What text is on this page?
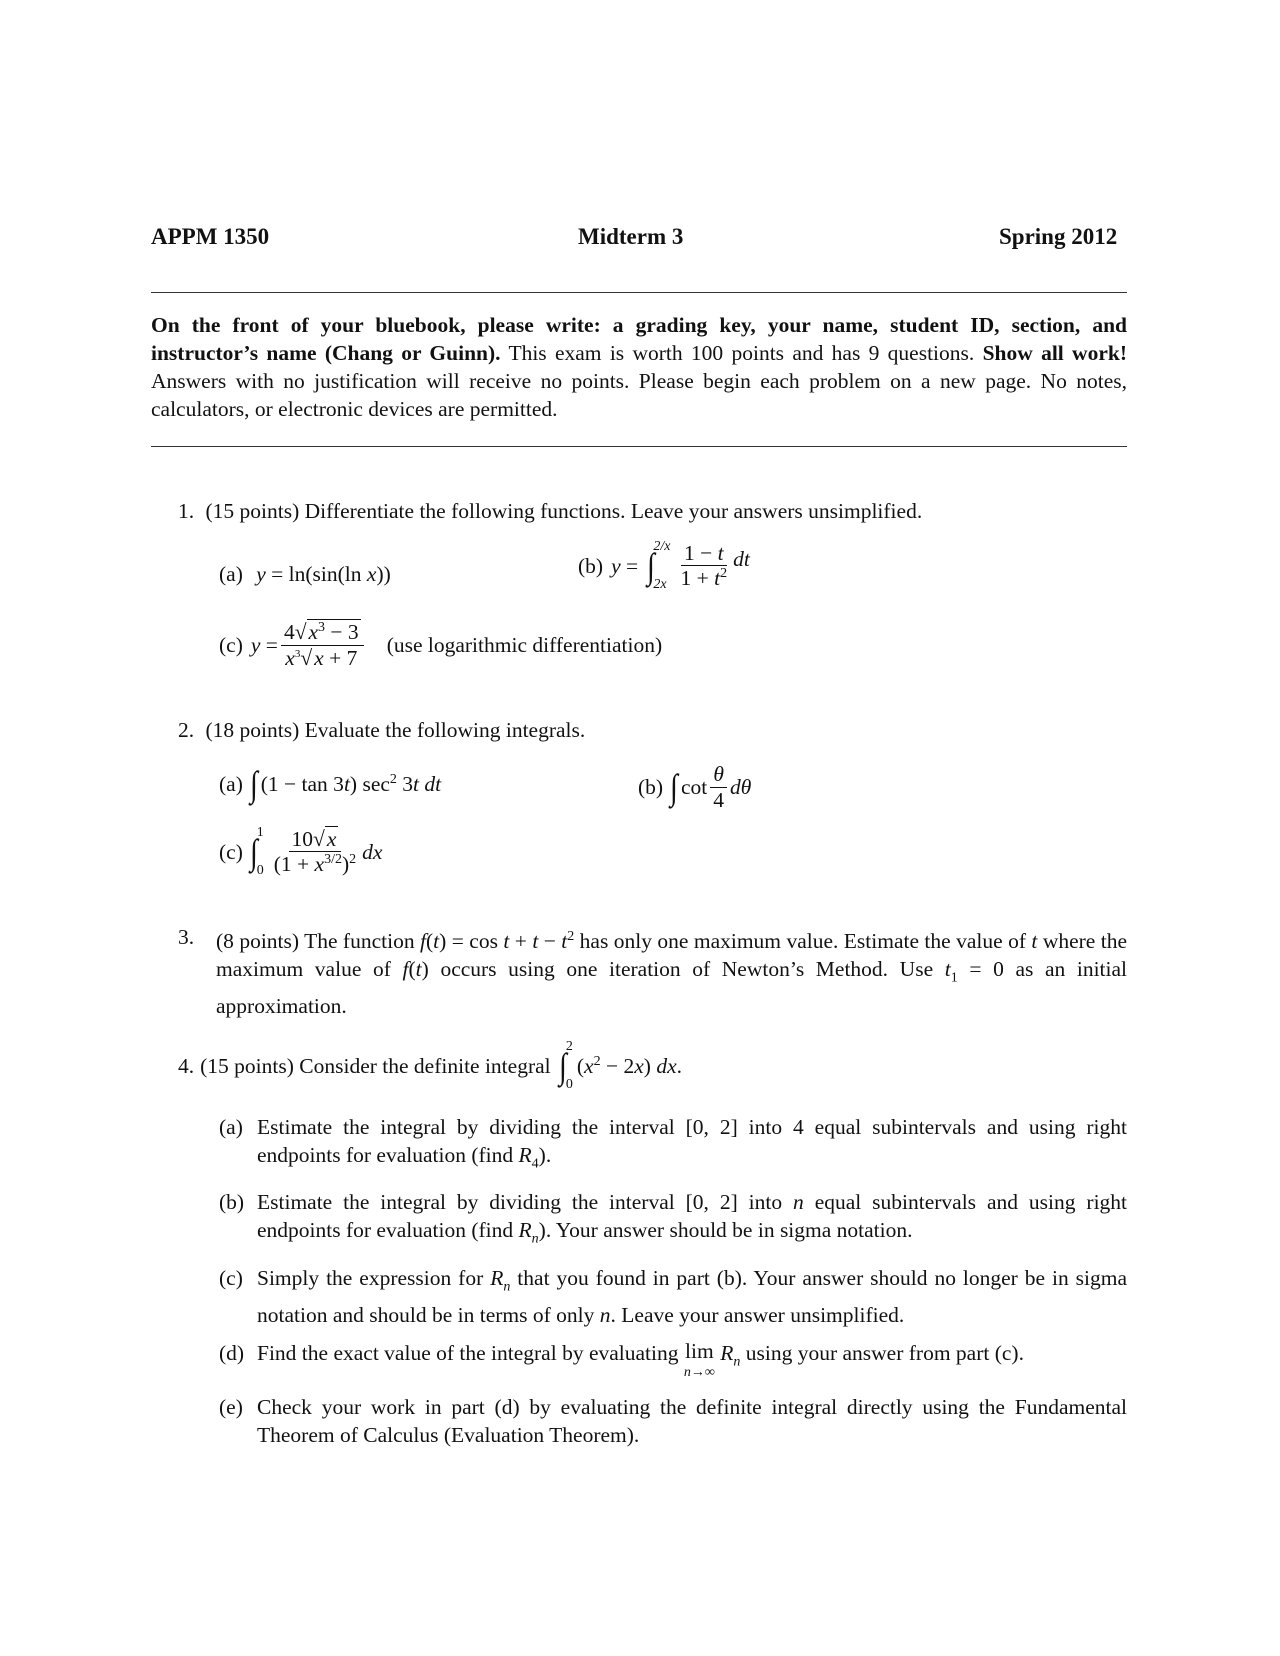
APPM 1350	Midterm 3	Spring 2012
On the front of your bluebook, please write: a grading key, your name, student ID, section, and instructor’s name (Chang or Guinn). This exam is worth 100 points and has 9 questions. Show all work! Answers with no justification will receive no points. Please begin each problem on a new page. No notes, calculators, or electronic devices are permitted.
1. (15 points) Differentiate the following functions. Leave your answers unsimplified.
(a) y = ln(sin(ln x))	(b) y = ∫
2/x
$2x \frac{1 - t}{1 + t^2}$ dt
(c) $y = \frac{4√x^3 - 3}{x^3√x + 7} (use$ logarithmic differentiation)
2. (18 points) Evaluate the following integrals.
(a) ∫ (1 − tan 3t) $\sec^2 3t$ dt	(b) ∫ $\cot \frac{\theta}{4}$ dθ
(c) ∫
1
$0 \frac{10√x}{(1 + x^{3/2})^2}$ dx
3.	(8 points) The function $f(t) = \cos t + t - t^2$ has only one maximum value. Estimate the value of t where the maximum value of f(t) occurs using one iteration of Newton’s Method. Use $t_1 = 0$ as an initial approximation.
4. (15 points)
Consider the definite integral
∫
2
0
$(x^2 - 2x)$ dx.
(a) Estimate the integral by dividing the interval [0, 2] into 4 equal subintervals and using right endpoints for evaluation (find $R_4$).
(b) Estimate the integral by dividing the interval [0, 2] into n equal subintervals and using right endpoints for evaluation (find $R_n$). Your answer should be in sigma notation.
(c) Simply the expression for $R_n$ that you found in part (b). Your answer should no longer be in sigma notation and should be in terms of only n. Leave your answer unsimplified.
(d) Find the exact value of the integral by evaluating lim
n→∞
$R_n$ using your answer from part (c).
(e) Check your work in part (d) by evaluating the definite integral directly using the Fundamental Theorem of Calculus (Evaluation Theorem).
